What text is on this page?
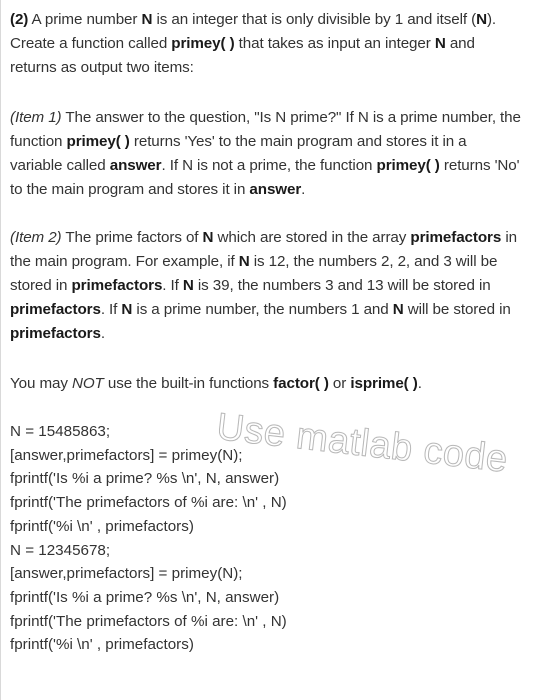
(2) A prime number N is an integer that is only divisible by 1 and itself (N). Create a function called primey( ) that takes as input an integer N and returns as output two items:

(Item 1) The answer to the question, "Is N prime?" If N is a prime number, the function primey( ) returns 'Yes' to the main program and stores it in a variable called answer. If N is not a prime, the function primey( ) returns 'No' to the main program and stores it in answer.

(Item 2) The prime factors of N which are stored in the array primefactors in the main program. For example, if N is 12, the numbers 2, 2, and 3 will be stored in primefactors. If N is 39, the numbers 3 and 13 will be stored in primefactors. If N is a prime number, the numbers 1 and N will be stored in primefactors.

You may NOT use the built-in functions factor( ) or isprime( ).

N = 15485863;
[answer,primefactors] = primey(N);
fprintf('Is %i a prime? %s \n', N, answer)
fprintf('The primefactors of %i are: \n' , N)
fprintf('%i \n' , primefactors)
N = 12345678;
[answer,primefactors] = primey(N);
fprintf('Is %i a prime? %s \n', N, answer)
fprintf('The primefactors of %i are: \n' , N)
fprintf('%i \n' , primefactors)
Use matlab code
